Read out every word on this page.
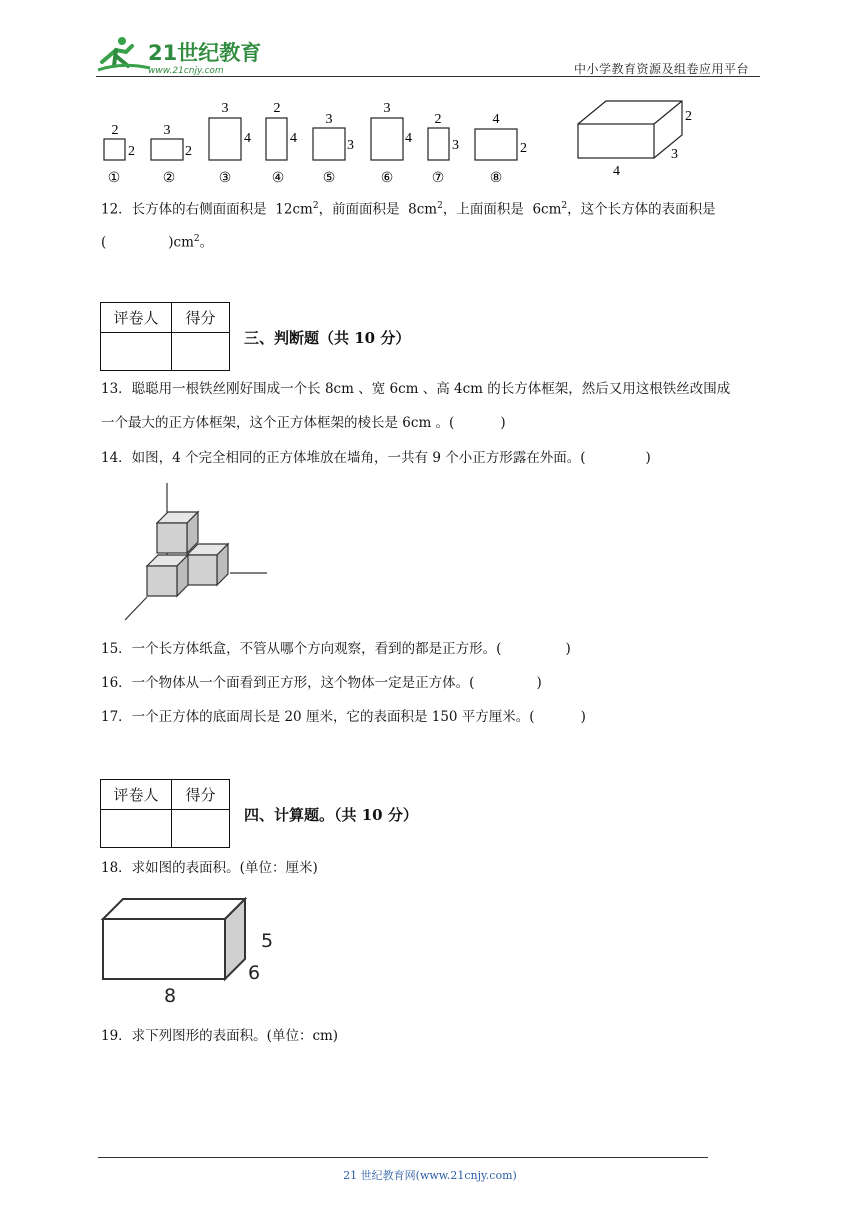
21世纪教育
www.21cnjy.com	中小学教育资源及组卷应用平台
2
2
①
3
2
②
3
4
③
2
4
④
3
3
⑤
3
4
⑥
2
3
⑦
4
2
⑧
2
3
4
12．长方体的右侧面面积是 $12cm^2$，前面面积是 $8cm^2$，上面面积是 $6cm^2$，这个长方体的表面积是
(	)$cm^2$。
评卷人	得分

三、判断题（共 10 分）
13．聪聪用一根铁丝刚好围成一个长 8cm 、宽 6cm 、高 4cm 的长方体框架，然后又用这根铁丝改围成
一个最大的正方体框架，这个正方体框架的棱长是 6cm 。(	)
14．如图，4 个完全相同的正方体堆放在墙角，一共有 9 个小正方形露在外面。(	)
15．一个长方体纸盒，不管从哪个方向观察，看到的都是正方形。(	)
16．一个物体从一个面看到正方形，这个物体一定是正方体。(	)
17．一个正方体的底面周长是 20 厘米，它的表面积是 150 平方厘米。(	)
评卷人	得分

四、计算题。（共 10 分）
18．求如图的表面积。(单位：厘米)
5
6
8
19．求下列图形的表面积。(单位：cm)
21 世纪教育网(www.21cnjy.com)
